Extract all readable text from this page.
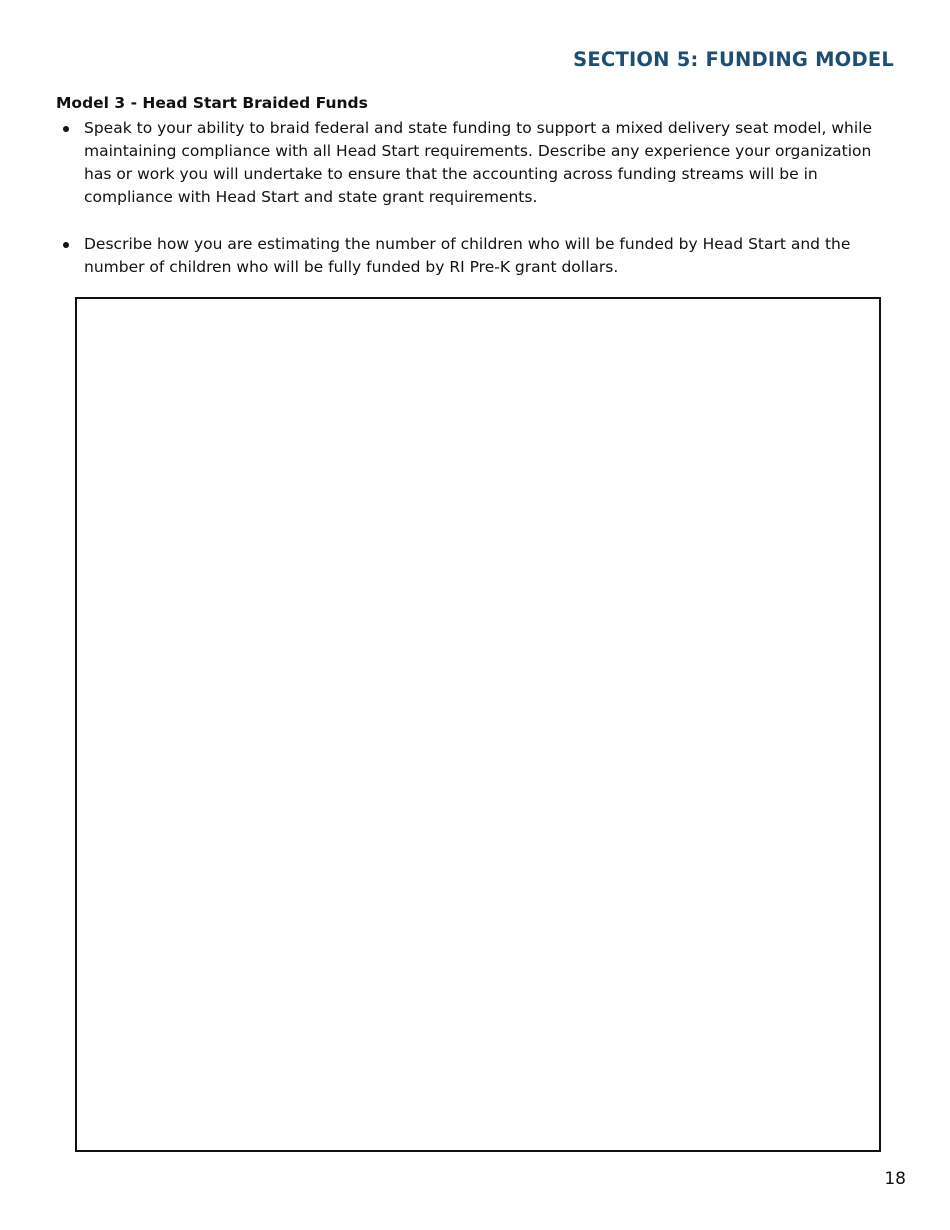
SECTION 5: FUNDING MODEL
Model 3 - Head Start Braided Funds
Speak to your ability to braid federal and state funding to support a mixed delivery seat model, while maintaining compliance with all Head Start requirements. Describe any experience your organization has or work you will undertake to ensure that the accounting across funding streams will be in compliance with Head Start and state grant requirements.
Describe how you are estimating the number of children who will be funded by Head Start and the number of children who will be fully funded by RI Pre-K grant dollars.
18
